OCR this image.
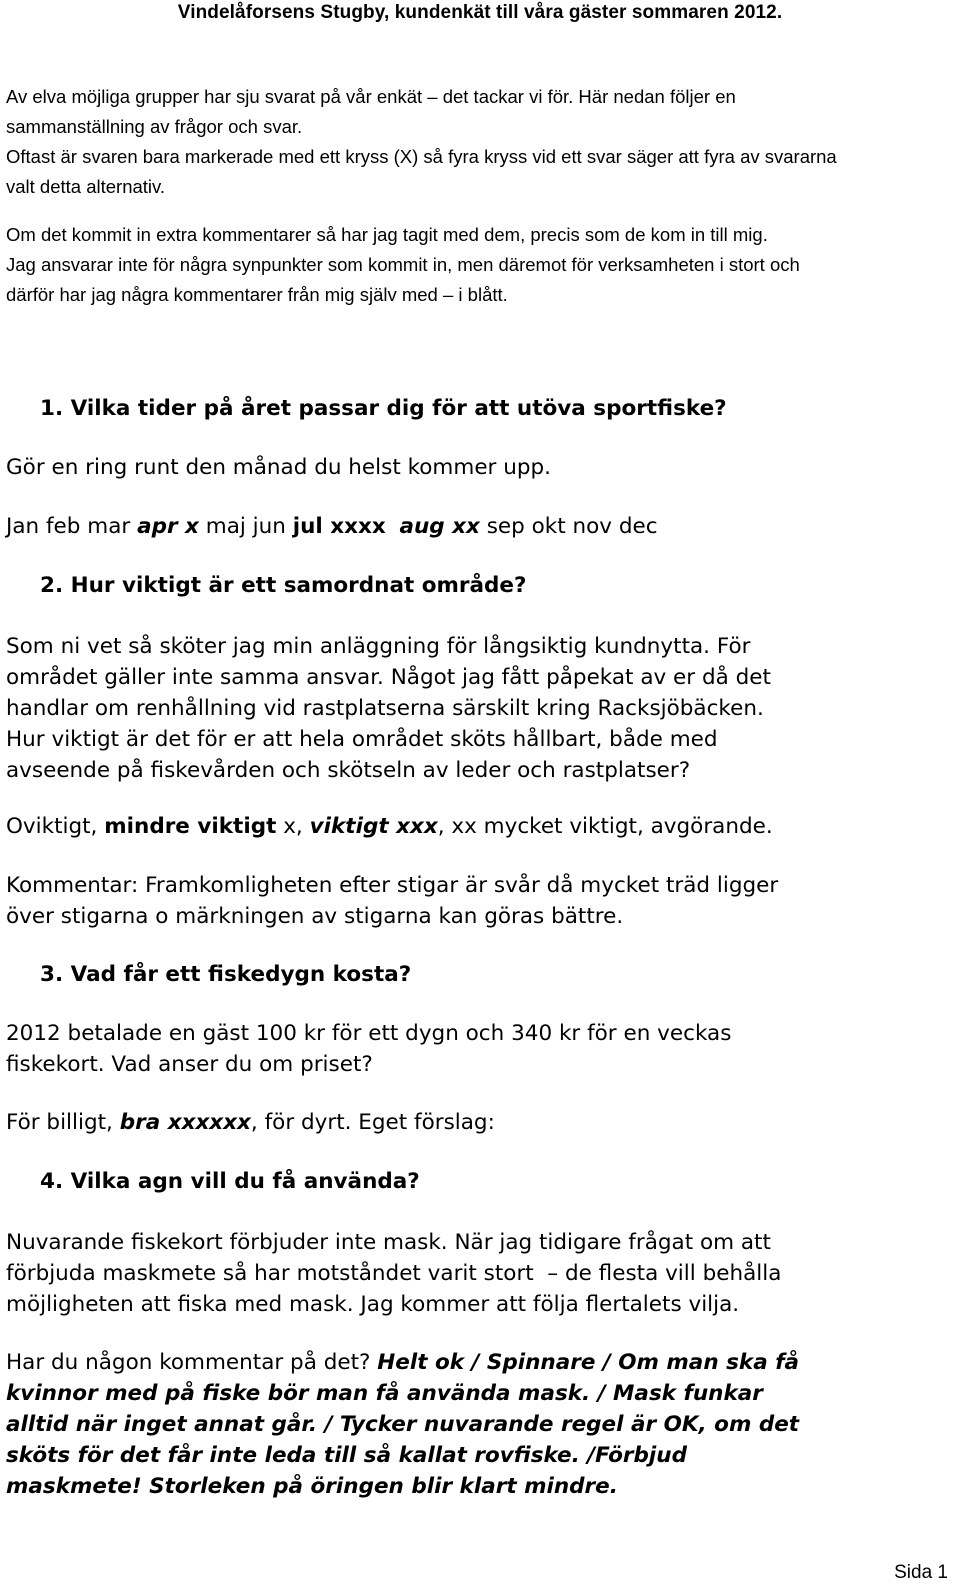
Vindelåforsens Stugby, kundenkät till våra gäster sommaren 2012.

Av elva möjliga grupper har sju svarat på vår enkät – det tackar vi för. Här nedan följer en

sammanställning av frågor och svar.

Oftast är svaren bara markerade med ett kryss (X) så fyra kryss vid ett svar säger att fyra av svararna

valt detta alternativ.

Om det kommit in extra kommentarer så har jag tagit med dem, precis som de kom in till mig.

Jag ansvarar inte för några synpunkter som kommit in, men däremot för verksamheten i stort och

därför har jag några kommentarer från mig själv med – i blått.

1. Vilka tider på året passar dig för att utöva sportfiske?

Gör en ring runt den månad du helst kommer upp.

Jan feb mar apr x maj jun jul xxxx aug xx sep okt nov dec

2. Hur viktigt är ett samordnat område?

Som ni vet så sköter jag min anläggning för långsiktig kundnytta. För

området gäller inte samma ansvar. Något jag fått påpekat av er då det

handlar om renhållning vid rastplatserna särskilt kring Racksjöbäcken.

Hur viktigt är det för er att hela området sköts hållbart, både med

avseende på fiskevården och skötseln av leder och rastplatser?

Oviktigt, mindre viktigt x, viktigt xxx, xx mycket viktigt, avgörande.

Kommentar: Framkomligheten efter stigar är svår då mycket träd ligger

över stigarna o märkningen av stigarna kan göras bättre.

3. Vad får ett fiskedygn kosta?

2012 betalade en gäst 100 kr för ett dygn och 340 kr för en veckas

fiskekort. Vad anser du om priset?

För billigt, bra xxxxxx, för dyrt. Eget förslag:

4. Vilka agn vill du få använda?

Nuvarande fiskekort förbjuder inte mask. När jag tidigare frågat om att

förbjuda maskmete så har motståndet varit stort  – de flesta vill behålla

möjligheten att fiska med mask. Jag kommer att följa flertalets vilja.

Har du någon kommentar på det? Helt ok / Spinnare / Om man ska få

kvinnor med på fiske bör man få använda mask. / Mask funkar

alltid när inget annat går. / Tycker nuvarande regel är OK, om det

sköts för det får inte leda till så kallat rovfiske. /Förbjud

maskmete! Storleken på öringen blir klart mindre.

Sida 1
